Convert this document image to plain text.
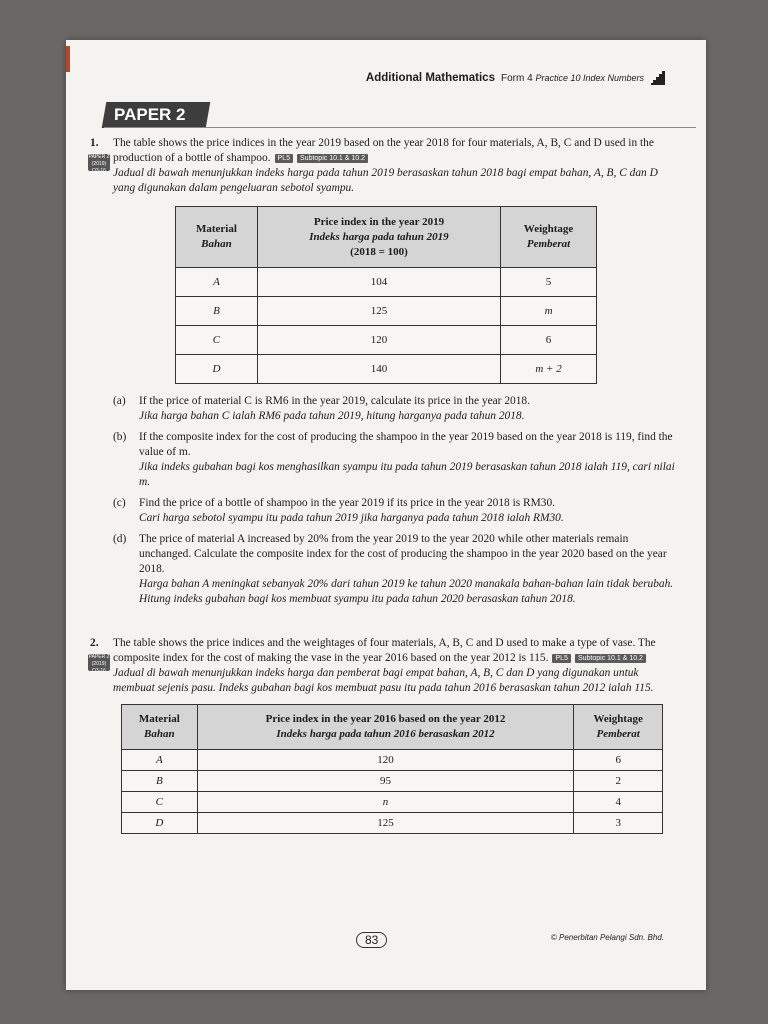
Additional Mathematics Form 4 Practice 10 Index Numbers
PAPER 2
1.
PAPER 2 (2019) Q3-16

The table shows the price indices in the year 2019 based on the year 2018 for four materials, A, B, C and D used in the production of a bottle of shampoo. PL5 Subtopic 10.1 & 10.2

Jadual di bawah menunjukkan indeks harga pada tahun 2019 berasaskan tahun 2018 bagi empat bahan, A, B, C dan D yang digunakan dalam pengeluaran sebotol syampu.

Material
Bahan	Price index in the year 2019
Indeks harga pada tahun 2019
(2018 = 100)	Weightage
Pemberat
A	104	5
B	125	m
C	120	6
D	140	m + 2
(a) If the price of material C is RM6 in the year 2019, calculate its price in the year 2018.

Jika harga bahan C ialah RM6 pada tahun 2019, hitung harganya pada tahun 2018.

(b) If the composite index for the cost of producing the shampoo in the year 2019 based on the year 2018 is 119, find the value of m.

Jika indeks gubahan bagi kos menghasilkan syampu itu pada tahun 2019 berasaskan tahun 2018 ialah 119, cari nilai m.

(c) Find the price of a bottle of shampoo in the year 2019 if its price in the year 2018 is RM30.

Cari harga sebotol syampu itu pada tahun 2019 jika harganya pada tahun 2018 ialah RM30.

(d) The price of material A increased by 20% from the year 2019 to the year 2020 while other materials remain unchanged. Calculate the composite index for the cost of producing the shampoo in the year 2020 based on the year 2018.

Harga bahan A meningkat sebanyak 20% dari tahun 2019 ke tahun 2020 manakala bahan-bahan lain tidak berubah. Hitung indeks gubahan bagi kos membuat syampu itu pada tahun 2020 berasaskan tahun 2018.

2.
PAPER 2 (2019) Q3-16

The table shows the price indices and the weightages of four materials, A, B, C and D used to make a type of vase. The composite index for the cost of making the vase in the year 2016 based on the year 2012 is 115. PL5 Subtopic 10.1 & 10.2

Jadual di bawah menunjukkan indeks harga dan pemberat bagi empat bahan, A, B, C dan D yang digunakan untuk membuat sejenis pasu. Indeks gubahan bagi kos membuat pasu itu pada tahun 2016 berasaskan tahun 2012 ialah 115.

Material
Bahan	Price index in the year 2016 based on the year 2012
Indeks harga pada tahun 2016 berasaskan 2012	Weightage
Pemberat
A	120	6
B	95	2
C	n	4
D	125	3
83	© Penerbitan Pelangi Sdn. Bhd.
